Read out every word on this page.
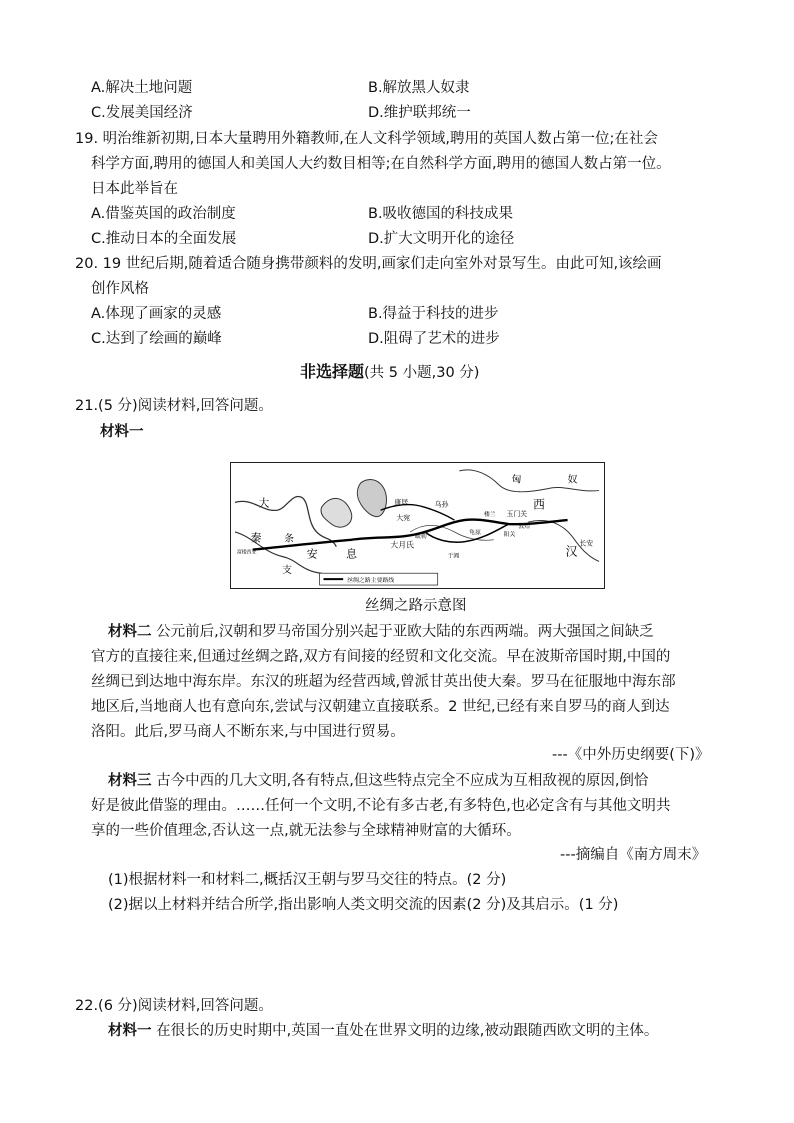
A.解决土地问题	B.解放黑人奴隶
C.发展美国经济	D.维护联邦统一
19. 明治维新初期,日本大量聘用外籍教师,在人文科学领域,聘用的英国人数占第一位;在社会
科学方面,聘用的德国人和美国人大约数目相等;在自然科学方面,聘用的德国人数占第一位。
日本此举旨在
A.借鉴英国的政治制度	B.吸收德国的科技成果
C.推动日本的全面发展	D.扩大文明开化的途径
20. 19 世纪后期,随着适合随身携带颜料的发明,画家们走向室外对景写生。由此可知,该绘画
创作风格
A.体现了画家的灵感	B.得益于科技的进步
C.达到了绘画的巅峰	D.阻碍了艺术的进步
非选择题(共 5 小题,30 分)
21.(5 分)阅读材料,回答问题。
材料一
匈	奴
西
汉
长安
大
秦 条
支
安	息
大月氏
大宛
康居	乌孙
玉门关
楼兰
敦煌
阳关
于阗
疏勒
龟兹
富楼西亚
丝绸之路主要路线
丝绸之路示意图
材料二 公元前后,汉朝和罗马帝国分别兴起于亚欧大陆的东西两端。两大强国之间缺乏
官方的直接往来,但通过丝绸之路,双方有间接的经贸和文化交流。早在波斯帝国时期,中国的
丝绸已到达地中海东岸。东汉的班超为经营西域,曾派甘英出使大秦。罗马在征服地中海东部
地区后,当地商人也有意向东,尝试与汉朝建立直接联系。2 世纪,已经有来自罗马的商人到达
洛阳。此后,罗马商人不断东来,与中国进行贸易。
---《中外历史纲要(下)》
材料三 古今中西的几大文明,各有特点,但这些特点完全不应成为互相敌视的原因,倒恰
好是彼此借鉴的理由。……任何一个文明,不论有多古老,有多特色,也必定含有与其他文明共
享的一些价值理念,否认这一点,就无法参与全球精神财富的大循环。
---摘编自《南方周末》
(1)根据材料一和材料二,概括汉王朝与罗马交往的特点。(2 分)
(2)据以上材料并结合所学,指出影响人类文明交流的因素(2 分)及其启示。(1 分)
22.(6 分)阅读材料,回答问题。
材料一 在很长的历史时期中,英国一直处在世界文明的边缘,被动跟随西欧文明的主体。
